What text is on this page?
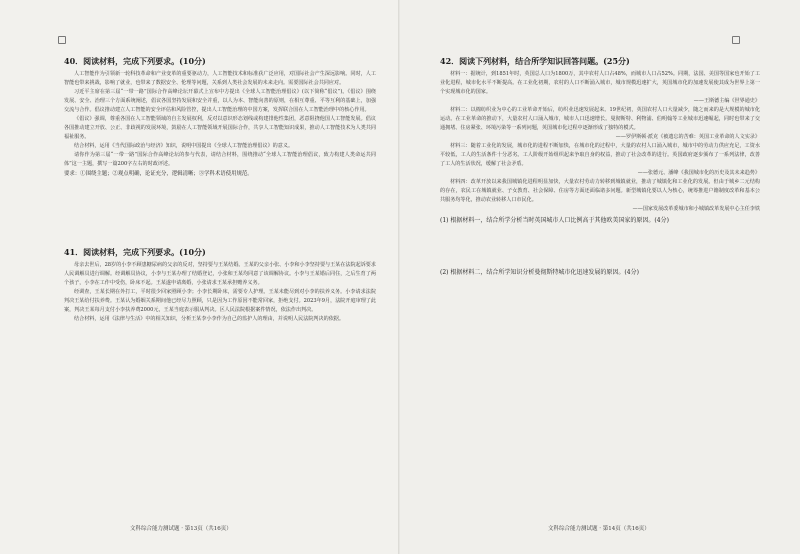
40．阅读材料，完成下列要求。(10分)

人工智能作为引领新一轮科技革命和产业变革的重要驱动力，人工智能技术和标准获广泛应用，对国际社会产生深远影响。同时，人工智能也带来挑战，影响了就业，也带来了数据安全、伦理等问题，关系到人类社会发展的未来走向。需要国际社会共同应对。

习近平主席在第三届“一带一路”国际合作高峰论坛开幕式上宣布中方提出《全球人工智能治理倡议》(以下简称“倡议”)。《倡议》围绕发展、安全、治理三个方面系统阐述，倡议各国坚持发展和安全并重，以人为本、智能向善的原则，在相互尊重、平等互利的基础上，加强交流与合作。倡议推动建立人工智能的安全评估和风险管控，提出人工智能治理的中国方案，发挥联合国在人工智能治理中的核心作用。

《倡议》强调，尊重各国在人工智能领域的自主发展权利，反对以意识形态划线或构建排他性集团，恶意阻挠他国人工智能发展。倡议各国推动建立开放、公正、非歧视的发展环境，鼓励在人工智能领域开展国际合作，共享人工智能知识成果，推动人工智能技术为人类共同福祉服务。

结合材料，运用《当代国际政治与经济》知识，说明中国提出《全球人工智能治理倡议》的意义。

请你作为第三届“一带一路”国际合作高峰论坛的参与代表，请结合材料，围绕推动“全球人工智能治理倡议，致力构建人类命运共同体”这一主题，撰写一篇200字左右的时政评述。

要求：①围绕主题；②观点明确，论证充分，逻辑清晰；③学科术语使用规范。
41．阅读材料，完成下列要求。(10分)

母亲去世后，28岁的小李不顾患糖尿病的父亲的反对，坚持要与王某结婚。王某的父亲小张、小李和小李坚持要与王某在法院起诉要求人民调解员进行调解。经调解员协议，小李与王某办理了结婚登记，小张和王某均同意了该调解协议。小李与王某婚后同住，之后生育了两个孩子，小李在工作中受伤，卧床不起。王某遂申请离婚，小张请求王某承担赡养义务。

经调查，王某长期在外打工，平时很少回家照顾小李；小李长期卧床，需要专人护理。王某未能尽到对小李的扶养义务。小李请求法院判决王某给付扶养费。王某认为婚姻关系期间他已经尽力照顾，只是因为工作原因不能常回家，拒绝支付。2023年9月，法院开庭审理了此案，判决王某每月支付小李扶养费2000元，王某当庭表示服从判决。区人民法院根据案件情况，依法作出判决。

结合材料，运用《法律与生活》中的相关知识，分析王某李小李作为自己的监护人的理由，并说明人民法院判决的依据。

文科综合能力测试题 · 第13页（共16页）
42．阅读下列材料，结合所学知识回答问题。(25分)

材料一：据统计，到1851年时，英国总人口为1800万，其中农村人口占48%，而城市人口占52%。同期，法国、美国等国家也开始了工业化进程，城市化水平不断提高。在工业化初期，农村的人口不断涌入城市，城市规模迅速扩大，英国城市化的加速发展使其成为世界上第一个实现城市化的国家。

——王斯德主编《世界通史》

材料二：以棉纺织业为中心的工业革命开始后，纺织业迅速发展起来。19世纪初，英国农村人口大量减少，随之而来的是大规模的城市化运动。在工业革命的推动下，大量农村人口涌入城市，城市人口迅速增长。曼彻斯特、利物浦、伯明翰等工业城市迅速崛起，同时也带来了交通拥堵、住房紧张、环境污染等一系列问题，英国城市化过程中逐渐形成了独特的模式。

——罗伊斯顿·派克《被遗忘的苦难：英国工业革命的人文实录》

材料三：随着工业化的发展，城市化的进程不断加快，在城市化的过程中，大量的农村人口涌入城市，城市中的劳动力供应充足，工资水平较低，工人的生活条件十分恶劣。工人阶级开始组织起来争取自身的权益，推动了社会改革的进行。英国政府逐步颁布了一系列法律，改善了工人的生活状况，缓解了社会矛盾。

——张德元、潘峰《我国城市化的历史及其未来趋势》

材料四：改革开放以来我国城镇化进程明显加快，大量农村劳动力转移到城镇就业，推动了城镇化和工业化的发展。但由于城乡二元结构的存在，农民工在城镇就业、子女教育、社会保障、住房等方面还面临诸多问题。新型城镇化要以人为核心，统筹推进户籍制度改革和基本公共服务均等化，推动农业转移人口市民化。

——国家发展改革委城市和小城镇改革发展中心主任李铁
(1) 根据材料一，结合所学分析当时英国城市人口比例高于其他欧美国家的原因。(4分)
(2) 根据材料二，结合所学知识分析曼彻斯特城市化迅速发展的原因。(4分)
文科综合能力测试题 · 第14页（共16页）
